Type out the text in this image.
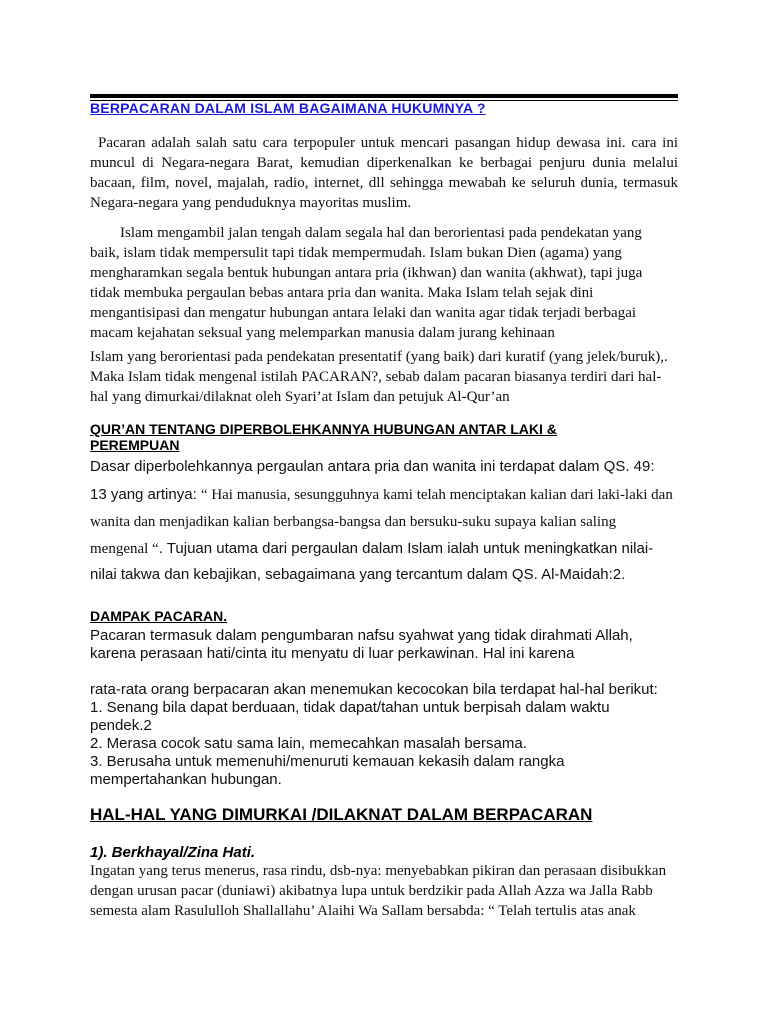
BERPACARAN DALAM ISLAM BAGAIMANA HUKUMNYA ?

Pacaran adalah salah satu cara terpopuler untuk mencari pasangan hidup dewasa ini. cara ini muncul di Negara-negara Barat, kemudian diperkenalkan ke berbagai penjuru dunia melalui bacaan, film, novel, majalah, radio, internet, dll sehingga mewabah ke seluruh dunia, termasuk Negara-negara yang penduduknya mayoritas muslim.

Islam mengambil jalan tengah dalam segala hal dan berorientasi pada pendekatan yang
baik, islam tidak mempersulit tapi tidak mempermudah. Islam bukan Dien (agama) yang
mengharamkan segala bentuk hubungan antara pria (ikhwan) dan wanita (akhwat), tapi juga
tidak membuka pergaulan bebas antara pria dan wanita. Maka Islam telah sejak dini
mengantisipasi dan mengatur hubungan antara lelaki dan wanita agar tidak terjadi berbagai
macam kejahatan seksual yang melemparkan manusia dalam jurang kehinaan
Islam yang berorientasi pada pendekatan presentatif (yang baik) dari kuratif (yang jelek/buruk),.
Maka Islam tidak mengenal istilah PACARAN?, sebab dalam pacaran biasanya terdiri dari hal-
hal yang dimurkai/dilaknat oleh Syari’at Islam dan petujuk Al-Qur’an
QUR’AN TENTANG DIPERBOLEHKANNYA HUBUNGAN ANTAR LAKI &
PEREMPUAN
Dasar diperbolehkannya pergaulan antara pria dan wanita ini terdapat dalam QS. 49:
13 yang artinya: “ Hai manusia, sesungguhnya kami telah menciptakan kalian dari laki-laki dan
wanita dan menjadikan kalian berbangsa-bangsa dan bersuku-suku supaya kalian saling
mengenal “. Tujuan utama dari pergaulan dalam Islam ialah untuk meningkatkan nilai-
nilai takwa dan kebajikan, sebagaimana yang tercantum dalam QS. Al-Maidah:2.
DAMPAK PACARAN.
Pacaran termasuk dalam pengumbaran nafsu syahwat yang tidak dirahmati Allah,
karena perasaan hati/cinta itu menyatu di luar perkawinan. Hal ini karena
rata-rata orang berpacaran akan menemukan kecocokan bila terdapat hal-hal berikut:
1. Senang bila dapat berduaan, tidak dapat/tahan untuk berpisah dalam waktu
pendek.2
2. Merasa cocok satu sama lain, memecahkan masalah bersama.
3. Berusaha untuk memenuhi/menuruti kemauan kekasih dalam rangka
mempertahankan hubungan.
HAL-HAL YANG DIMURKAI /DILAKNAT DALAM BERPACARAN
1). Berkhayal/Zina Hati.
Ingatan yang terus menerus, rasa rindu, dsb-nya: menyebabkan pikiran dan perasaan disibukkan
dengan urusan pacar (duniawi) akibatnya lupa untuk berdzikir pada Allah Azza wa Jalla Rabb
semesta alam Rasululloh Shallallahu’ Alaihi Wa Sallam bersabda: “ Telah tertulis atas anak
